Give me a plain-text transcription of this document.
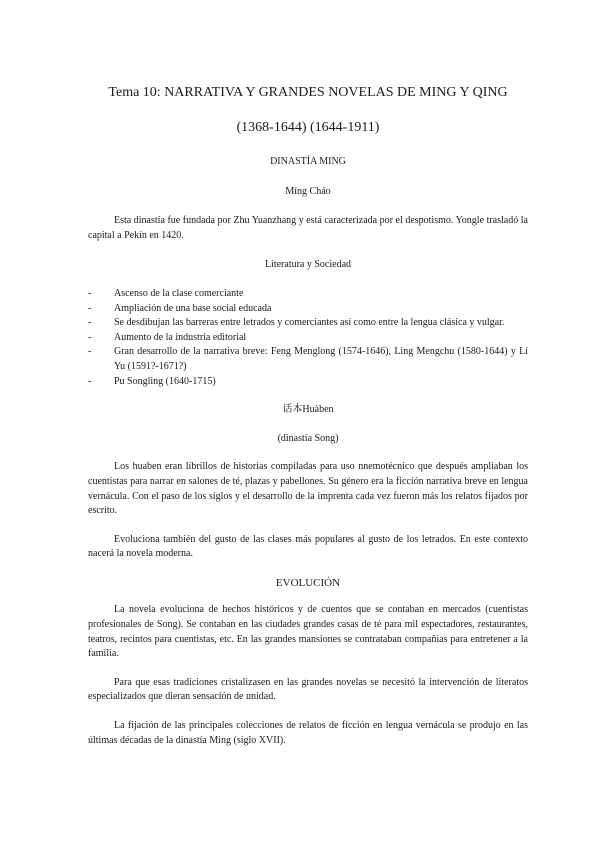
Tema 10: NARRATIVA Y GRANDES NOVELAS DE MING Y QING

(1368-1644) (1644-1911)

DINASTÍA MING

Míng Cháo

Esta dinastía fue fundada por Zhu Yuanzhang y está caracterizada por el despotismo. Yongle trasladó la capital a Pekín en 1420.

Literatura y Sociedad

- Ascenso de la clase comerciante
- Ampliación de una base social educada
- Se desdibujan las barreras entre letrados y comerciantes así como entre la lengua clásica y vulgar.
- Aumento de la industria editorial
- Gran desarrollo de la narrativa breve: Feng Menglong (1574-1646), Ling Mengchu (1580-1644) y Li Yu (1591?-1671?)
- Pu Songling (1640-1715)

话本Huàben

(dinastía Song)

Los huaben eran librillos de historias compiladas para uso nnemotécnico que después ampliaban los cuentistas para narrar en salones de té, plazas y pabellones. Su género era la ficción narrativa breve en lengua vernácula. Con el paso de los siglos y el desarrollo de la imprenta cada vez fueron más los relatos fijados por escrito.

Evoluciona también del gusto de las clases más populares al gusto de los letrados. En este contexto nacerá la novela moderna.

EVOLUCIÓN

La novela evoluciona de hechos históricos y de cuentos que se contaban en mercados (cuentistas profesionales de Song). Se contaban en las ciudades grandes casas de té para mil espectadores, restaurantes, teatros, recintos para cuentistas, etc. En las grandes mansiones se contrataban compañías para entretener a la familia.

Para que esas tradiciones cristalizasen en las grandes novelas se necesitó la intervención de literatos especializados que dieran sensación de unidad.

La fijación de las principales colecciones de relatos de ficción en lengua vernácula se produjo en las últimas décadas de la dinastía Ming (siglo XVII).
